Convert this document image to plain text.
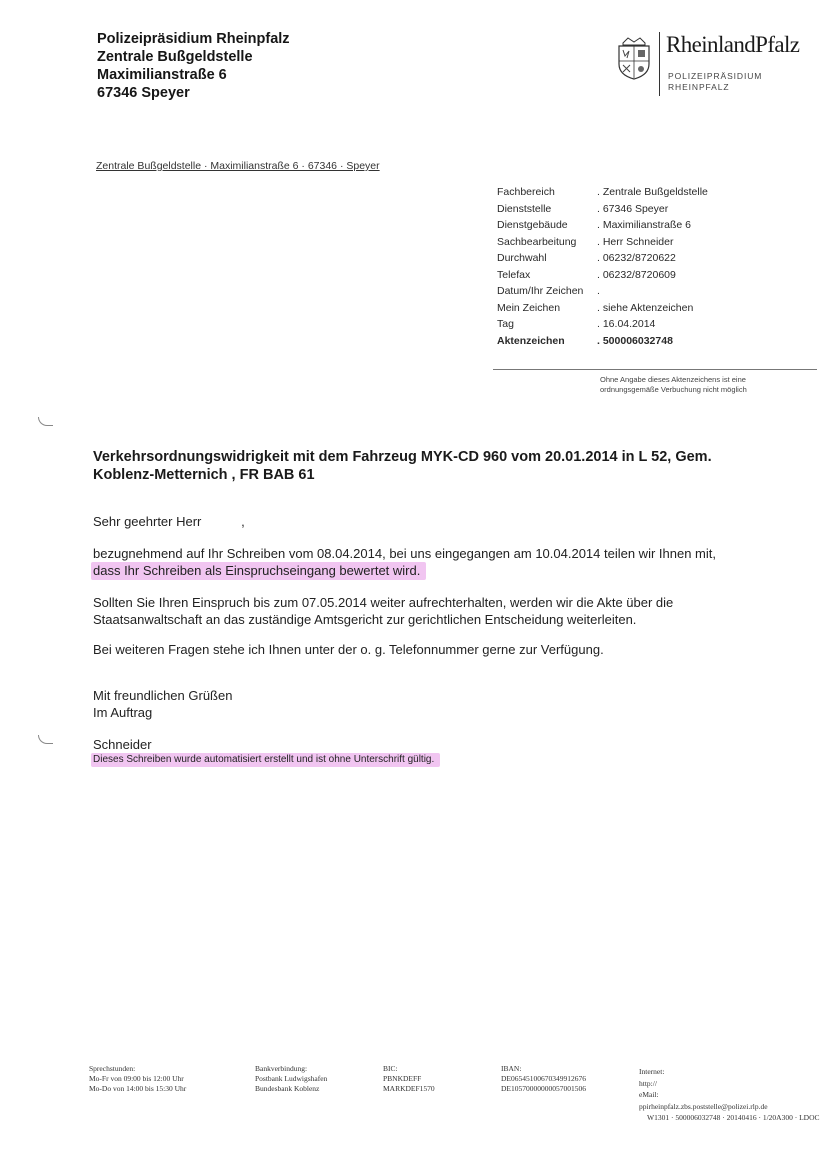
Polizeipräsidium Rheinpfalz
Zentrale Bußgeldstelle
Maximilianstraße 6
67346 Speyer
RheinlandPfalz
POLIZEIPRÄSIDIUM
RHEINPFALZ
Zentrale Bußgeldstelle · Maximilianstraße 6 · 67346 · Speyer
Fachbereich	. Zentrale Bußgeldstelle
Dienststelle	. 67346 Speyer
Dienstgebäude	. Maximilianstraße 6
Sachbearbeitung . Herr Schneider
Durchwahl	. 06232/8720622
Telefax	. 06232/8720609
Datum/Ihr Zeichen .
Mein Zeichen	. siehe Aktenzeichen
Tag	. 16.04.2014
Aktenzeichen	. 500006032748
Ohne Angabe dieses Aktenzeichens ist eine
ordnungsgemäße Verbuchung nicht möglich
Verkehrsordnungswidrigkeit mit dem Fahrzeug MYK-CD 960 vom 20.01.2014 in L 52, Gem.
Koblenz-Metternich , FR BAB 61
Sehr geehrter Herr           ,
bezugnehmend auf Ihr Schreiben vom 08.04.2014, bei uns eingegangen am 10.04.2014 teilen wir Ihnen mit,
dass Ihr Schreiben als Einspruchseingang bewertet wird.
Sollten Sie Ihren Einspruch bis zum 07.05.2014 weiter aufrechterhalten, werden wir die Akte über die
Staatsanwaltschaft an das zuständige Amtsgericht zur gerichtlichen Entscheidung weiterleiten.
Bei weiteren Fragen stehe ich Ihnen unter der o. g. Telefonnummer gerne zur Verfügung.
Mit freundlichen Grüßen
Im Auftrag
Schneider
Dieses Schreiben wurde automatisiert erstellt und ist ohne Unterschrift gültig.
Sprechstunden:
Mo-Fr von 09:00 bis 12:00 Uhr
Mo-Do von 14:00 bis 15:30 Uhr
Bankverbindung:
Postbank Ludwigshafen
Bundesbank Koblenz
BIC:
PBNKDEFF
MARKDEF1570
IBAN:
DE06545100670349912676
DE10570000000057001506
Internet:
http://
eMail:
ppirheinpfalz.zbs.poststelle@polizei.rlp.de
W1301 · 500006032748 · 20140416 · 1/20A300 · LDOC
